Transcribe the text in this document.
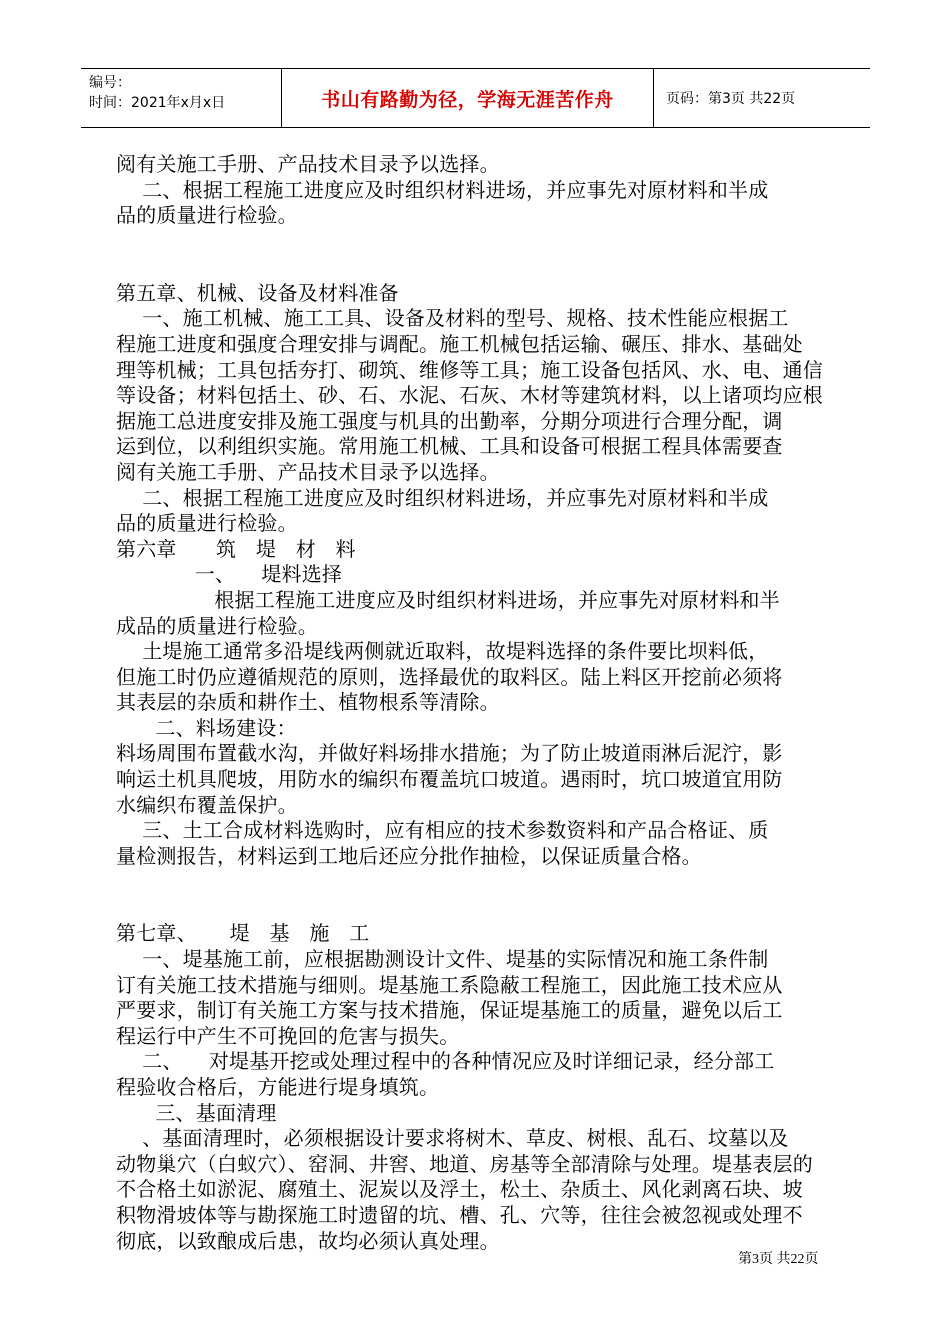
编号：
时间：2021年x月x日	书山有路勤为径，学海无涯苦作舟	页码：第3页 共22页

阅有关施工手册、产品技术目录予以选择。

二、根据工程施工进度应及时组织材料进场，并应事先对原材料和半成

品的质量进行检验。

第五章、机械、设备及材料准备

一、施工机械、施工工具、设备及材料的型号、规格、技术性能应根据工

程施工进度和强度合理安排与调配。施工机械包括运输、碾压、排水、基础处

理等机械；工具包括夯打、砌筑、维修等工具；施工设备包括风、水、电、通信

等设备；材料包括土、砂、石、水泥、石灰、木材等建筑材料，以上诸项均应根

据施工总进度安排及施工强度与机具的出勤率，分期分项进行合理分配，调

运到位，以利组织实施。常用施工机械、工具和设备可根据工程具体需要查

阅有关施工手册、产品技术目录予以选择。

二、根据工程施工进度应及时组织材料进场，并应事先对原材料和半成

品的质量进行检验。

第六章      筑   堤   材   料

一、    堤料选择

根据工程施工进度应及时组织材料进场，并应事先对原材料和半

成品的质量进行检验。

土堤施工通常多沿堤线两侧就近取料，故堤料选择的条件要比坝料低，

但施工时仍应遵循规范的原则，选择最优的取料区。陆上料区开挖前必须将

其表层的杂质和耕作土、植物根系等清除。

二、料场建设：

料场周围布置截水沟，并做好料场排水措施；为了防止坡道雨淋后泥泞，影

响运土机具爬坡，用防水的编织布覆盖坑口坡道。遇雨时，坑口坡道宜用防

水编织布覆盖保护。

三、土工合成材料选购时，应有相应的技术参数资料和产品合格证、质

量检测报告，材料运到工地后还应分批作抽检，以保证质量合格。

第七章、     堤   基   施   工

一、堤基施工前，应根据勘测设计文件、堤基的实际情况和施工条件制

订有关施工技术措施与细则。堤基施工系隐蔽工程施工，因此施工技术应从

严要求，制订有关施工方案与技术措施，保证堤基施工的质量，避免以后工

程运行中产生不可挽回的危害与损失。

二、    对堤基开挖或处理过程中的各种情况应及时详细记录，经分部工

程验收合格后，方能进行堤身填筑。

三、基面清理

、基面清理时，必须根据设计要求将树木、草皮、树根、乱石、坟墓以及

动物巢穴（白蚁穴）、窑洞、井窖、地道、房基等全部清除与处理。堤基表层的

不合格土如淤泥、腐殖土、泥炭以及浮土，松土、杂质土、风化剥离石块、坡

积物滑坡体等与勘探施工时遗留的坑、槽、孔、穴等，往往会被忽视或处理不

彻底，以致酿成后患，故均必须认真处理。

第3页 共22页
